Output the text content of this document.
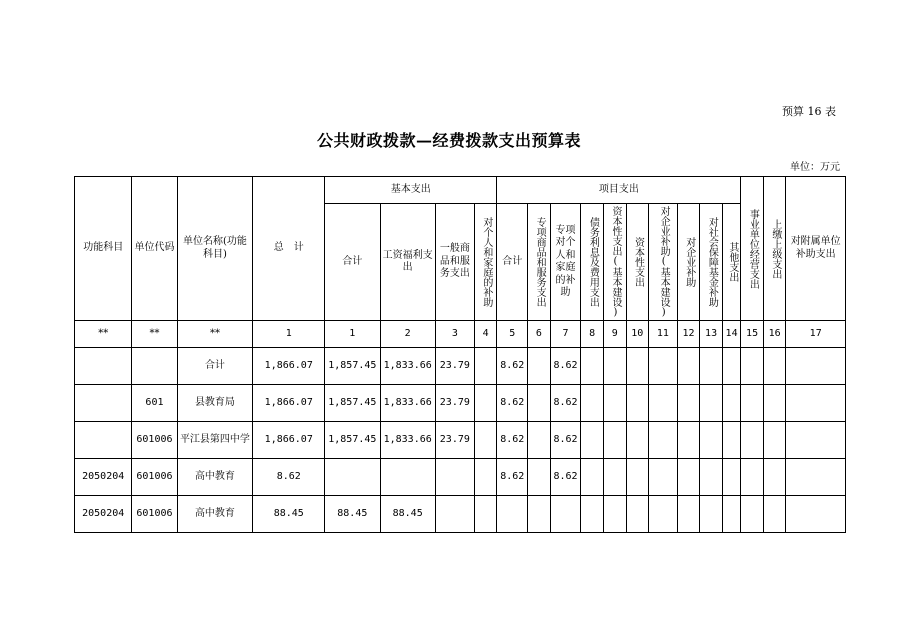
预算 16 表
公共财政拨款—经费拨款支出预算表
单位：万元
功能科目	单位代码	单位名称(功能科目)	总　计	基本支出				项目支出										事业单位经营支出	上缴上级支出	对附属单位补助支出
				合计	工资福利支出	一般商品和服务支出	对个人和家庭的补助	合计	专项商品和服务支出	专项对个人和家庭的补助	债务利息及费用支出	资本性支出(基本建设)	资本性支出	对企业补助(基本建设)	对企业补助	对社会保障基金补助	其他支出			

**	**	**	1	1	2	3	4	5	6	7	8	9	10	11	12	13	14	15	16	17
		合计	1,866.07	1,857.45	1,833.66	23.79		8.62		8.62										
	601	县教育局	1,866.07	1,857.45	1,833.66	23.79		8.62		8.62										
	601006	平江县第四中学	1,866.07	1,857.45	1,833.66	23.79		8.62		8.62										
2050204	601006	高中教育	8.62					8.62		8.62										
2050204	601006	高中教育	88.45	88.45	88.45															
